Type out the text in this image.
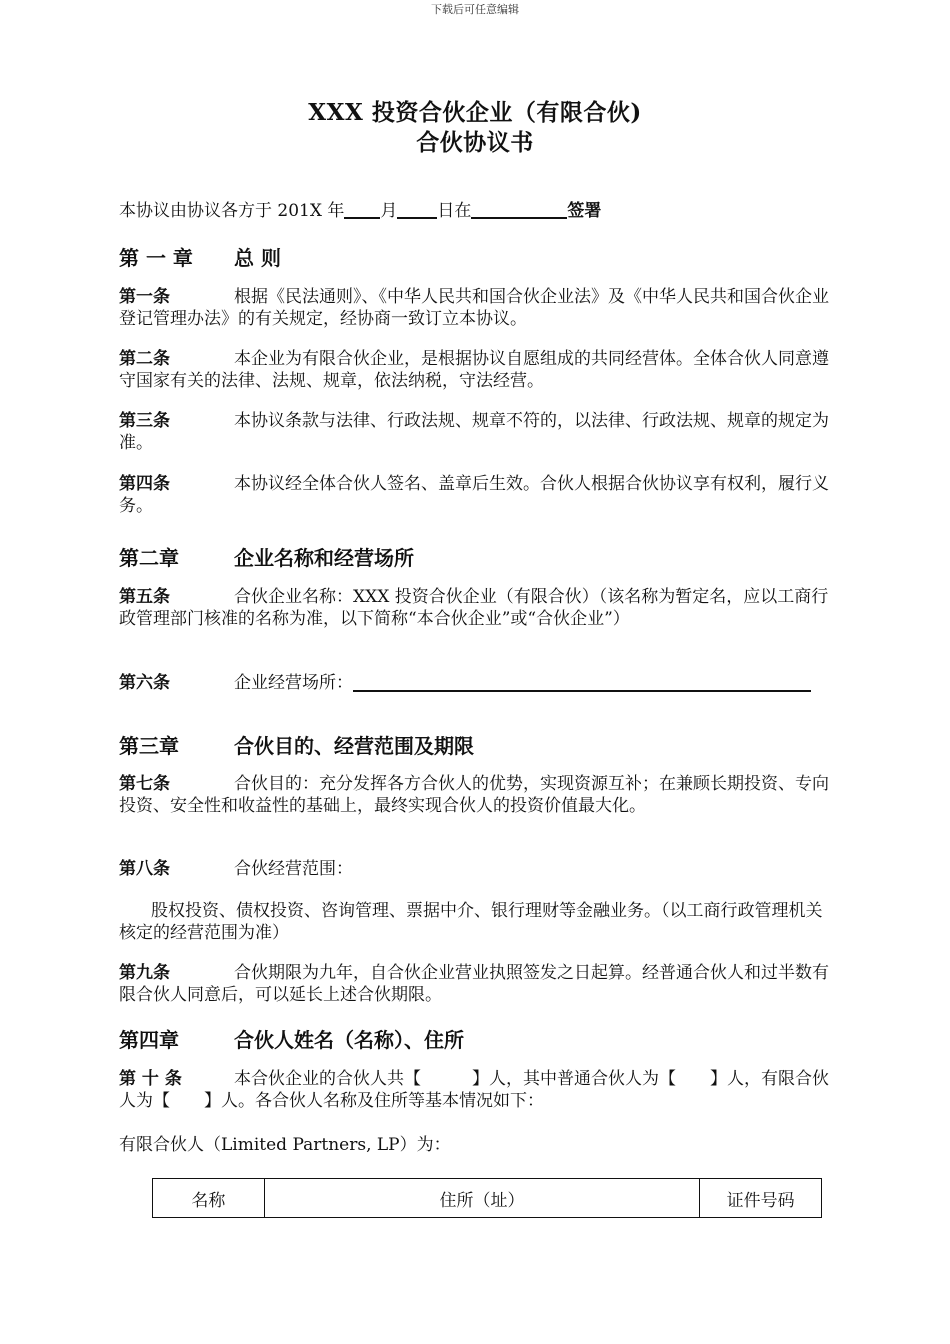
下载后可任意编辑
XXX 投资合伙企业（有限合伙)
合伙协议书
本协议由协议各方于 201X 年 月 日在	签署
第 一 章 总 则
第一条	根据《民法通则》、《中华人民共和国合伙企业法》及《中华人民共和国合伙企业登记管理办法》的有关规定，经协商一致订立本协议。
第二条	本企业为有限合伙企业，是根据协议自愿组成的共同经营体。全体合伙人同意遵守国家有关的法律、法规、规章，依法纳税，守法经营。
第三条	本协议条款与法律、行政法规、规章不符的，以法律、行政法规、规章的规定为准。
第四条	本协议经全体合伙人签名、盖章后生效。合伙人根据合伙协议享有权利，履行义务。
第二章	企业名称和经营场所
第五条	合伙企业名称：XXX 投资合伙企业（有限合伙）（该名称为暂定名，应以工商行政管理部门核准的名称为准，以下简称“本合伙企业”或“合伙企业”）
第六条	企业经营场所：
第三章	合伙目的、经营范围及期限
第七条	合伙目的：充分发挥各方合伙人的优势，实现资源互补；在兼顾长期投资、专向投资、安全性和收益性的基础上，最终实现合伙人的投资价值最大化。
第八条	合伙经营范围：
股权投资、债权投资、咨询管理、票据中介、银行理财等金融业务。（以工商行政管理机关核定的经营范围为准）
第九条	合伙期限为九年，自合伙企业营业执照签发之日起算。经普通合伙人和过半数有限合伙人同意后，可以延长上述合伙期限。
第四章	合伙人姓名（名称）、住所
第 十 条	本合伙企业的合伙人共【　　　】人，其中普通合伙人为【　　】人，有限合伙人为【　　】人。各合伙人名称及住所等基本情况如下：
有限合伙人（Limited Partners, LP）为：
名称	住所（址）	证件号码
